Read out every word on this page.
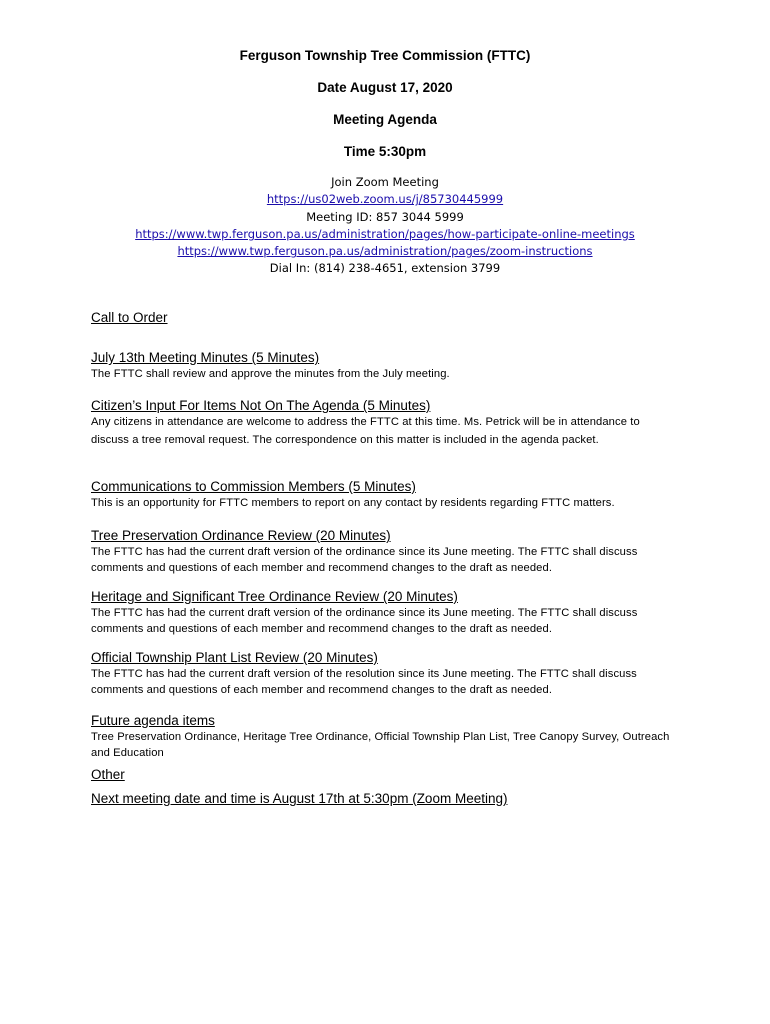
Ferguson Township Tree Commission (FTTC)
Date August 17, 2020
Meeting Agenda
Time 5:30pm
Join Zoom Meeting
https://us02web.zoom.us/j/85730445999
Meeting ID: 857 3044 5999
https://www.twp.ferguson.pa.us/administration/pages/how-participate-online-meetings
https://www.twp.ferguson.pa.us/administration/pages/zoom-instructions
Dial In: (814) 238-4651, extension 3799
Call to Order
July 13th Meeting Minutes (5 Minutes)
The FTTC shall review and approve the minutes from the July meeting.
Citizen’s Input For Items Not On The Agenda (5 Minutes)
Any citizens in attendance are welcome to address the FTTC at this time. Ms. Petrick will be in attendance to discuss a tree removal request. The correspondence on this matter is included in the agenda packet.
Communications to Commission Members (5 Minutes)
This is an opportunity for FTTC members to report on any contact by residents regarding FTTC matters.
Tree Preservation Ordinance Review (20 Minutes)
The FTTC has had the current draft version of the ordinance since its June meeting. The FTTC shall discuss comments and questions of each member and recommend changes to the draft as needed.
Heritage and Significant Tree Ordinance Review (20 Minutes)
The FTTC has had the current draft version of the ordinance since its June meeting. The FTTC shall discuss comments and questions of each member and recommend changes to the draft as needed.
Official Township Plant List Review (20 Minutes)
The FTTC has had the current draft version of the resolution since its June meeting. The FTTC shall discuss comments and questions of each member and recommend changes to the draft as needed.
Future agenda items
Tree Preservation Ordinance, Heritage Tree Ordinance, Official Township Plan List, Tree Canopy Survey, Outreach and Education
Other
Next meeting date and time is August 17th at 5:30pm (Zoom Meeting)
